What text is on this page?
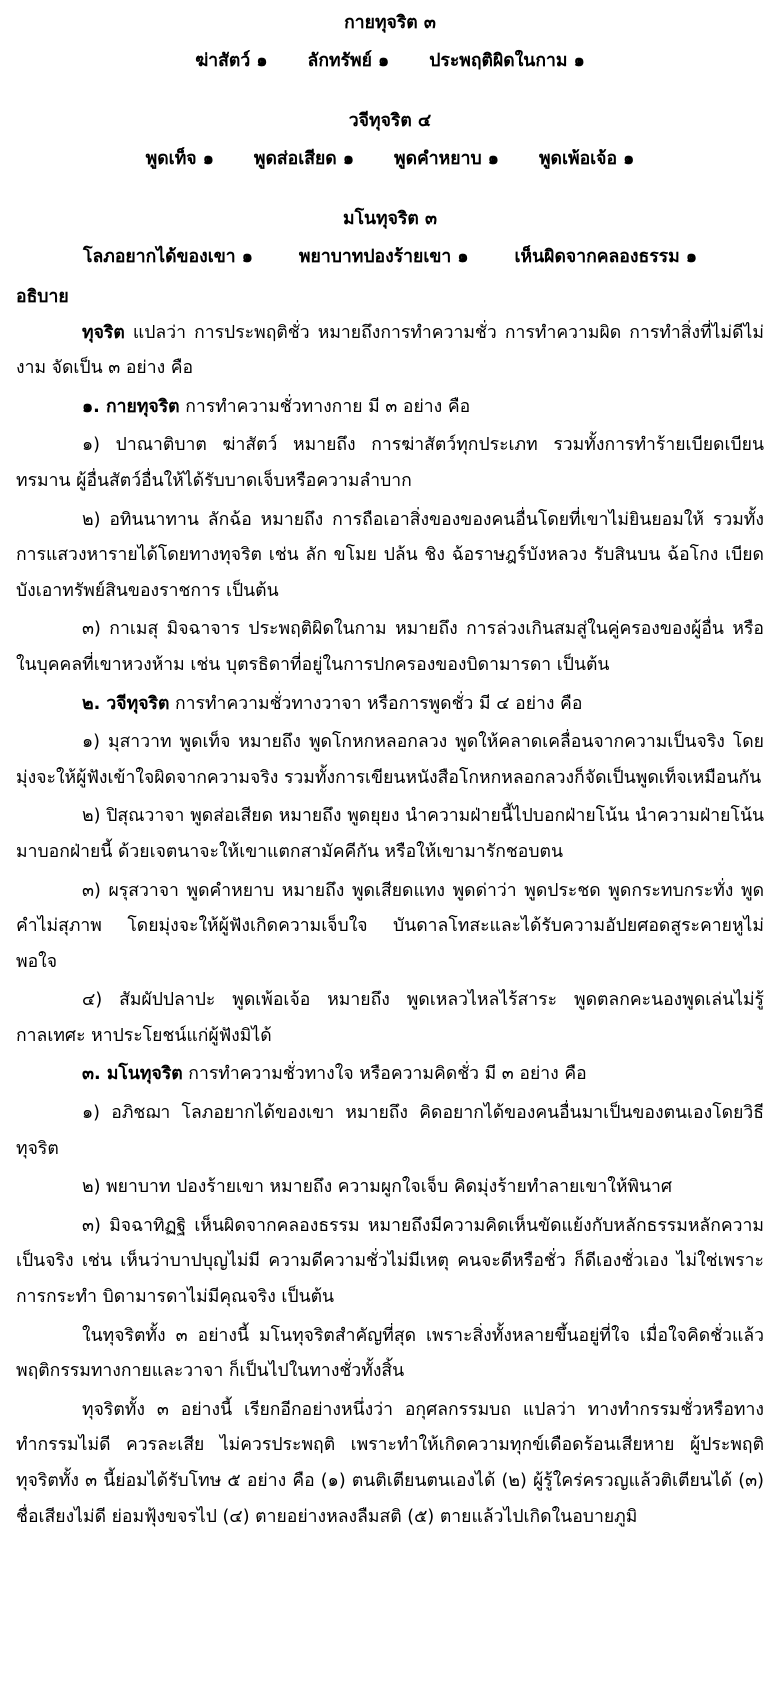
กายทุจริต ๓
ฆ่าสัตว์ ๑ ลักทรัพย์ ๑ ประพฤติผิดในกาม ๑
วจีทุจริต ๔
พูดเท็จ ๑ พูดส่อเสียด ๑ พูดคำหยาบ ๑ พูดเพ้อเจ้อ ๑
มโนทุจริต ๓
โลภอยากได้ของเขา ๑	พยาบาทปองร้ายเขา ๑	เห็นผิดจากคลองธรรม ๑
อธิบาย

ทุจริต แปลว่า การประพฤติชั่ว หมายถึงการทำความชั่ว การทำความผิด การทำสิ่งที่ไม่ดีไม่งาม จัดเป็น ๓ อย่าง คือ

๑. กายทุจริต การทำความชั่วทางกาย มี ๓ อย่าง คือ

๑) ปาณาติบาต ฆ่าสัตว์ หมายถึง การฆ่าสัตว์ทุกประเภท รวมทั้งการทำร้ายเบียดเบียน ทรมาน ผู้อื่นสัตว์อื่นให้ได้รับบาดเจ็บหรือความลำบาก

๒) อทินนาทาน ลักฉ้อ หมายถึง การถือเอาสิ่งของของคนอื่นโดยที่เขาไม่ยินยอมให้ รวมทั้งการแสวงหารายได้โดยทางทุจริต เช่น ลัก ขโมย ปล้น ชิง ฉ้อราษฎร์บังหลวง รับสินบน ฉ้อโกง เบียดบังเอาทรัพย์สินของราชการ เป็นต้น

๓) กาเมสุ มิจฉาจาร ประพฤติผิดในกาม หมายถึง การล่วงเกินสมสู่ในคู่ครองของผู้อื่น หรือในบุคคลที่เขาหวงห้าม เช่น บุตรธิดาที่อยู่ในการปกครองของบิดามารดา เป็นต้น

๒. วจีทุจริต การทำความชั่วทางวาจา หรือการพูดชั่ว มี ๔ อย่าง คือ

๑) มุสาวาท พูดเท็จ หมายถึง พูดโกหกหลอกลวง พูดให้คลาดเคลื่อนจากความเป็นจริง โดยมุ่งจะให้ผู้ฟังเข้าใจผิดจากความจริง รวมทั้งการเขียนหนังสือโกหกหลอกลวงก็จัดเป็นพูดเท็จเหมือนกัน

๒) ปิสุณวาจา พูดส่อเสียด หมายถึง พูดยุยง นำความฝ่ายนี้ไปบอกฝ่ายโน้น นำความฝ่ายโน้นมาบอกฝ่ายนี้ ด้วยเจตนาจะให้เขาแตกสามัคคีกัน หรือให้เขามารักชอบตน

๓) ผรุสวาจา พูดคำหยาบ หมายถึง พูดเสียดแทง พูดด่าว่า พูดประชด พูดกระทบกระทั่ง พูดคำไม่สุภาพ โดยมุ่งจะให้ผู้ฟังเกิดความเจ็บใจ บันดาลโทสะและได้รับความอัปยศอดสูระคายหูไม่พอใจ

๔) สัมผัปปลาปะ พูดเพ้อเจ้อ หมายถึง พูดเหลวไหลไร้สาระ พูดตลกคะนองพูดเล่นไม่รู้กาลเทศะ หาประโยชน์แก่ผู้ฟังมิได้

๓. มโนทุจริต การทำความชั่วทางใจ หรือความคิดชั่ว มี ๓ อย่าง คือ

๑) อภิชฌา โลภอยากได้ของเขา หมายถึง คิดอยากได้ของคนอื่นมาเป็นของตนเองโดยวิธีทุจริต

๒) พยาบาท ปองร้ายเขา หมายถึง ความผูกใจเจ็บ คิดมุ่งร้ายทำลายเขาให้พินาศ

๓) มิจฉาทิฏฐิ เห็นผิดจากคลองธรรม หมายถึงมีความคิดเห็นขัดแย้งกับหลักธรรมหลักความเป็นจริง เช่น เห็นว่าบาปบุญไม่มี ความดีความชั่วไม่มีเหตุ คนจะดีหรือชั่ว ก็ดีเองชั่วเอง ไม่ใช่เพราะการกระทำ บิดามารดาไม่มีคุณจริง เป็นต้น

ในทุจริตทั้ง ๓ อย่างนี้ มโนทุจริตสำคัญที่สุด เพราะสิ่งทั้งหลายขึ้นอยู่ที่ใจ เมื่อใจคิดชั่วแล้ว พฤติกรรมทางกายและวาจา ก็เป็นไปในทางชั่วทั้งสิ้น

ทุจริตทั้ง ๓ อย่างนี้ เรียกอีกอย่างหนึ่งว่า อกุศลกรรมบถ แปลว่า ทางทำกรรมชั่วหรือทางทำกรรมไม่ดี ควรละเสีย ไม่ควรประพฤติ เพราะทำให้เกิดความทุกข์เดือดร้อนเสียหาย ผู้ประพฤติทุจริตทั้ง ๓ นี้ย่อมได้รับโทษ ๕ อย่าง คือ (๑) ตนติเตียนตนเองได้ (๒) ผู้รู้ใคร่ครวญแล้วติเตียนได้ (๓) ชื่อเสียงไม่ดี ย่อมฟุ้งขจรไป (๔) ตายอย่างหลงลืมสติ (๕) ตายแล้วไปเกิดในอบายภูมิ
